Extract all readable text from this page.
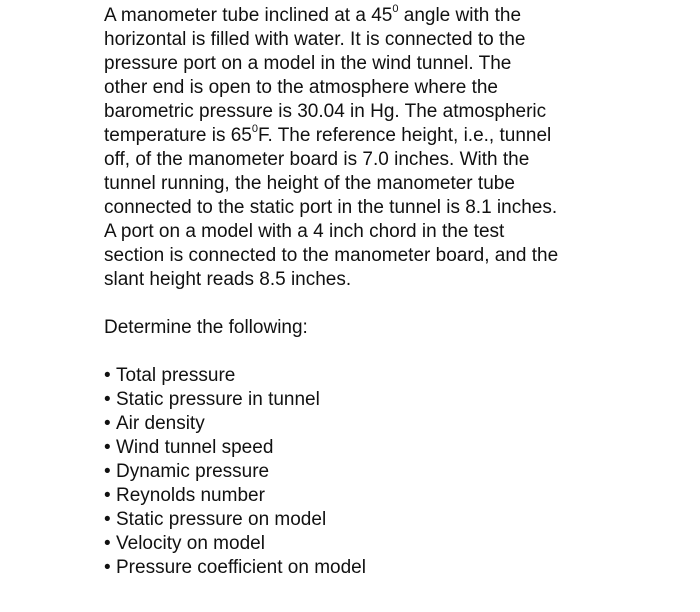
A manometer tube inclined at a $45^0$ angle with the
horizontal is filled with water. It is connected to the
pressure port on a model in the wind tunnel. The
other end is open to the atmosphere where the
barometric pressure is 30.04 in Hg. The atmospheric
temperature is $65^0F$. The reference height, i.e., tunnel
off, of the manometer board is 7.0 inches. With the
tunnel running, the height of the manometer tube
connected to the static port in the tunnel is 8.1 inches.
A port on a model with a 4 inch chord in the test
section is connected to the manometer board, and the
slant height reads 8.5 inches.

Determine the following:

• Total pressure
• Static pressure in tunnel
• Air density
• Wind tunnel speed
• Dynamic pressure
• Reynolds number
• Static pressure on model
• Velocity on model
• Pressure coefficient on model
